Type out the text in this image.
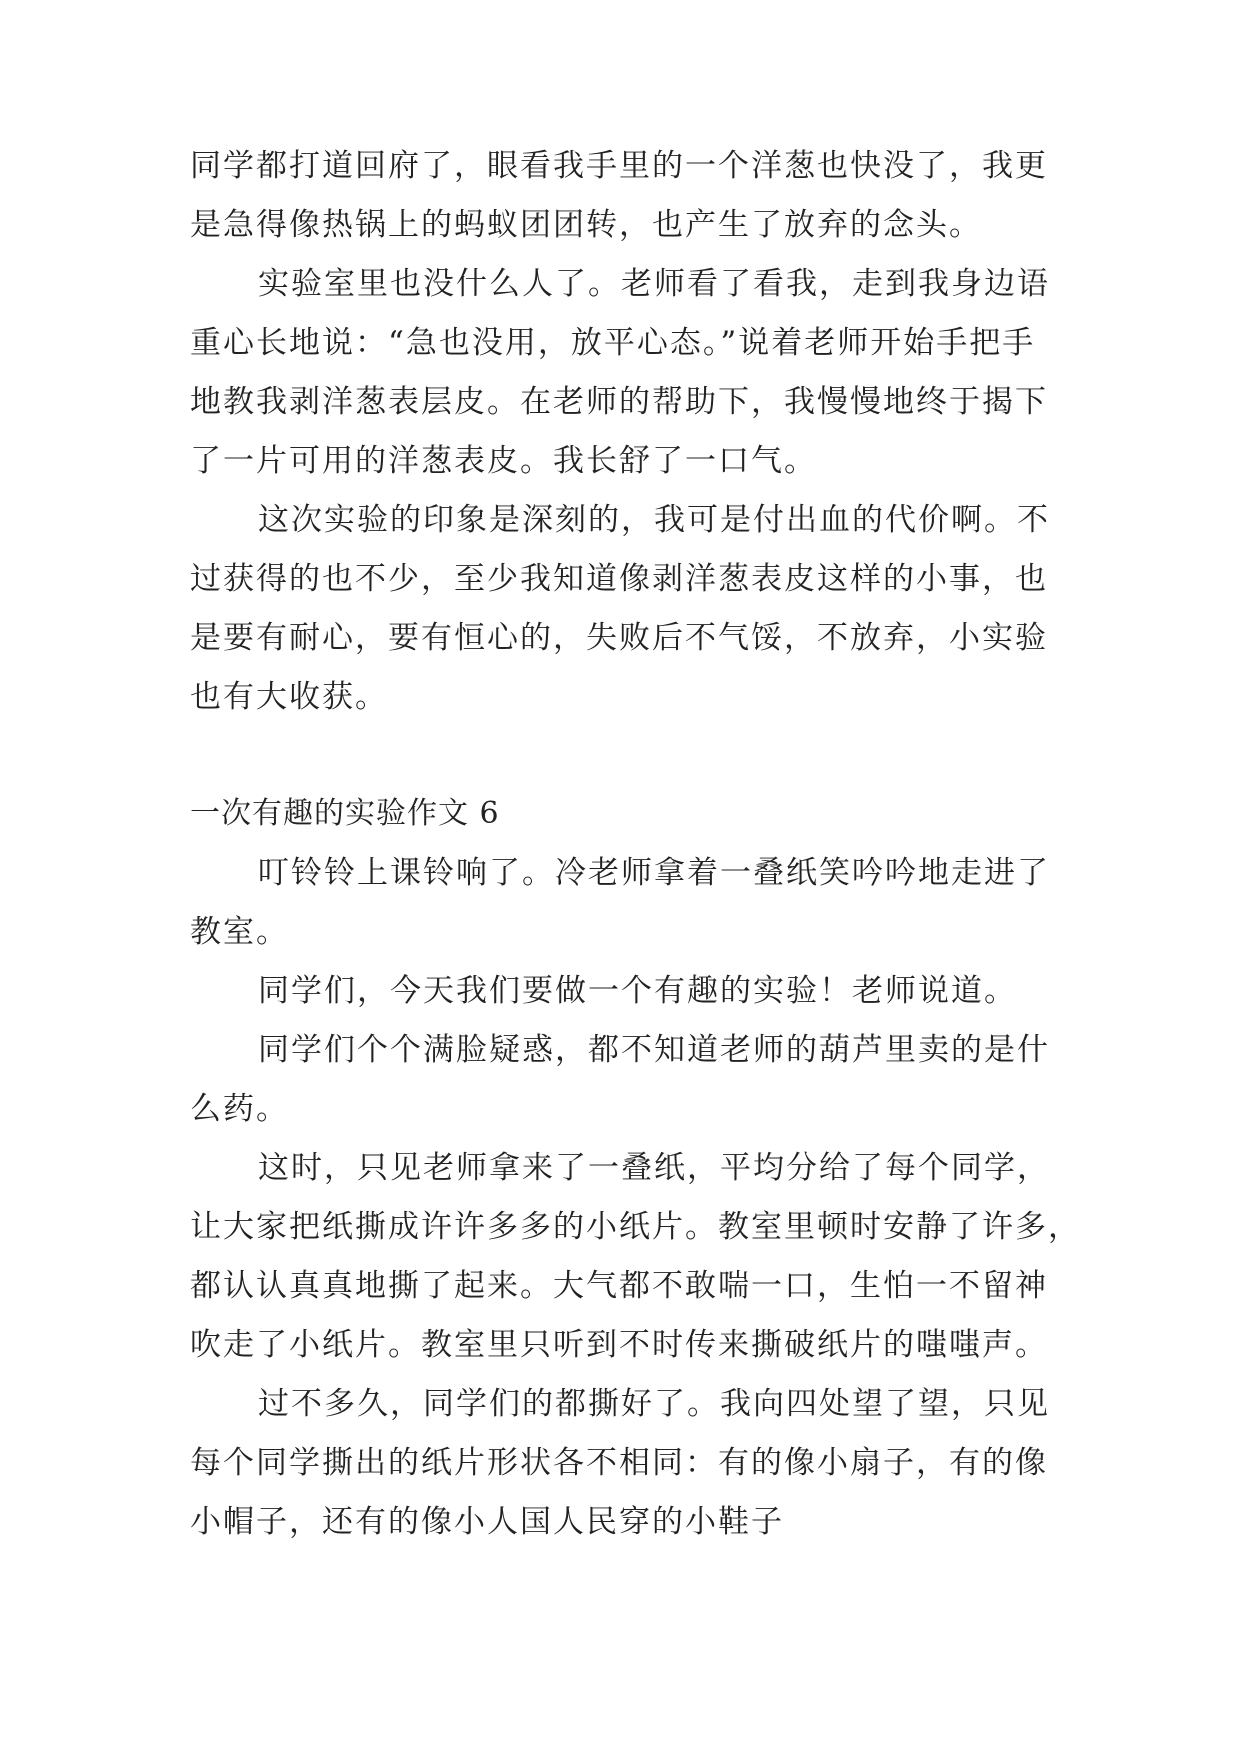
同学都打道回府了，眼看我手里的一个洋葱也快没了，我更
是急得像热锅上的蚂蚁团团转，也产生了放弃的念头。
实验室里也没什么人了。老师看了看我，走到我身边语
重心长地说：“急也没用，放平心态。”说着老师开始手把手
地教我剥洋葱表层皮。在老师的帮助下，我慢慢地终于揭下
了一片可用的洋葱表皮。我长舒了一口气。
这次实验的印象是深刻的，我可是付出血的代价啊。不
过获得的也不少，至少我知道像剥洋葱表皮这样的小事，也
是要有耐心，要有恒心的，失败后不气馁，不放弃，小实验
也有大收获。
一次有趣的实验作文 6
叮铃铃上课铃响了。冷老师拿着一叠纸笑吟吟地走进了
教室。
同学们，今天我们要做一个有趣的实验！老师说道。
同学们个个满脸疑惑，都不知道老师的葫芦里卖的是什
么药。
这时，只见老师拿来了一叠纸，平均分给了每个同学，
让大家把纸撕成许许多多的小纸片。教室里顿时安静了许多，
都认认真真地撕了起来。大气都不敢喘一口，生怕一不留神
吹走了小纸片。教室里只听到不时传来撕破纸片的嗤嗤声。
过不多久，同学们的都撕好了。我向四处望了望，只见
每个同学撕出的纸片形状各不相同：有的像小扇子，有的像
小帽子，还有的像小人国人民穿的小鞋子
